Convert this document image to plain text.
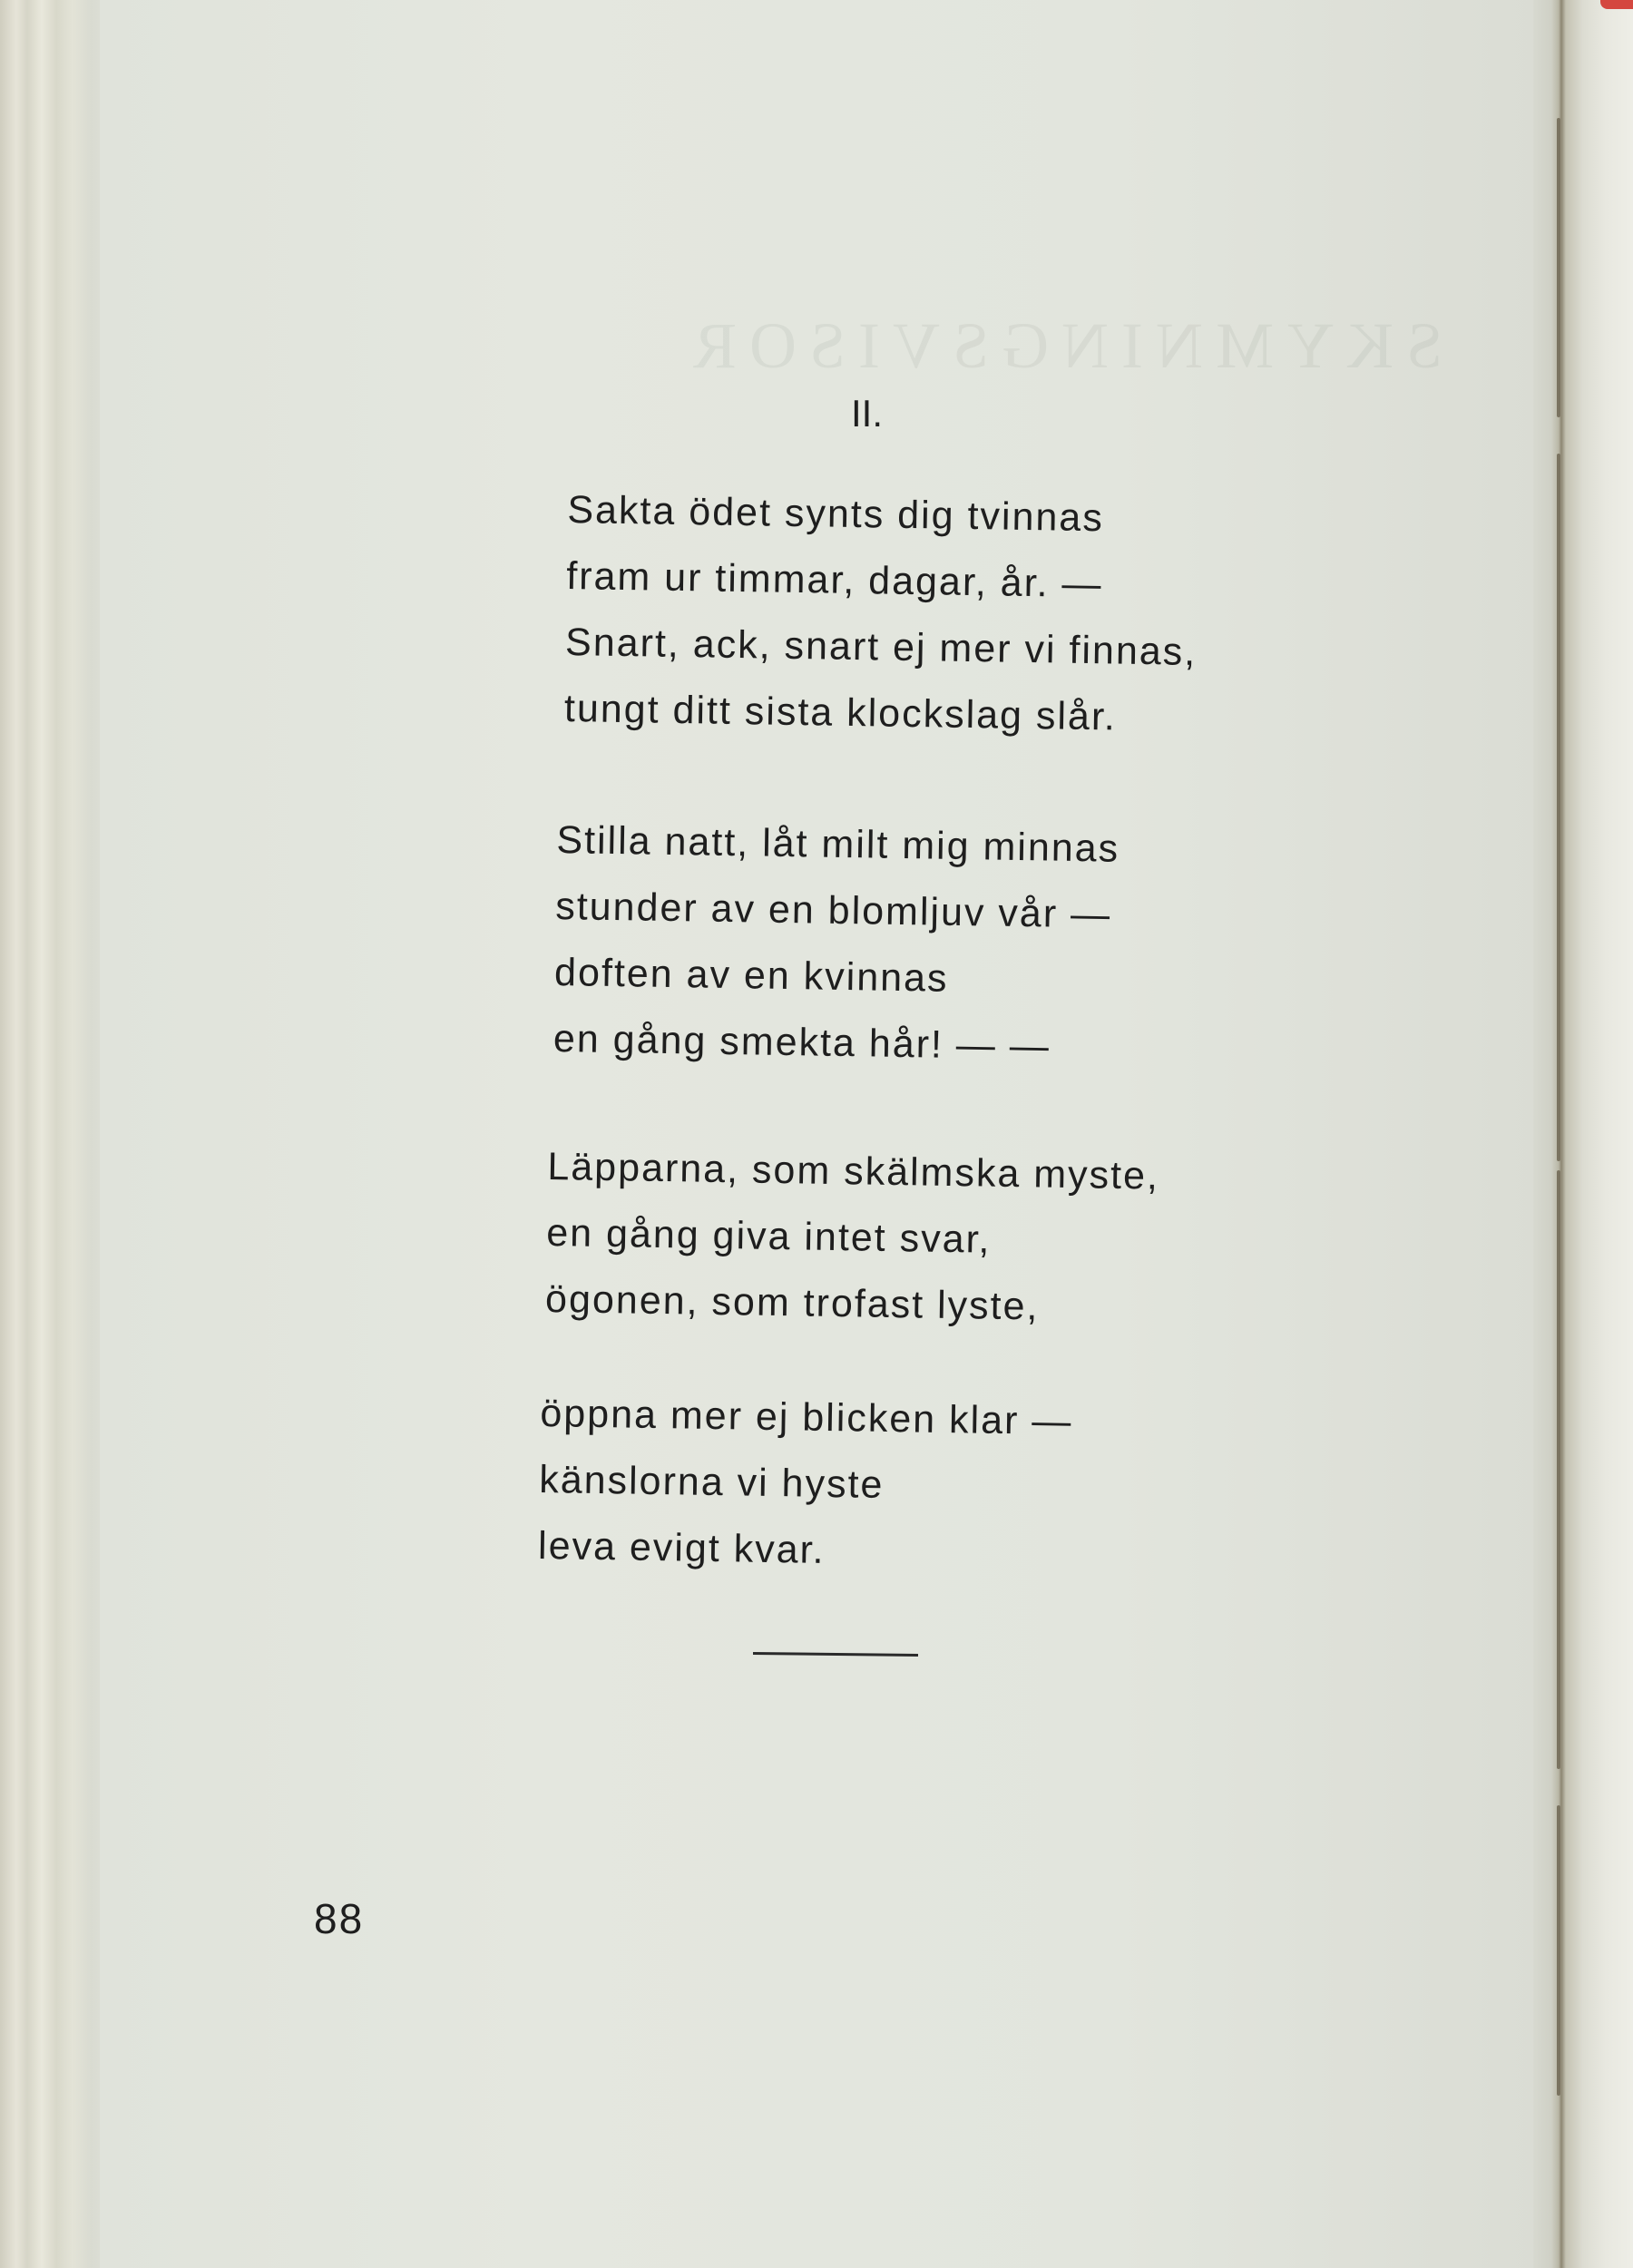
SKYMNINGSVISOR
II.
Sakta ödet synts dig tvinnas
fram ur timmar, dagar, år. —
Snart, ack, snart ej mer vi finnas,
tungt ditt sista klockslag slår.
Stilla natt, låt milt mig minnas
stunder av en blomljuv vår —
doften av en kvinnas
en gång smekta hår! — —
Läpparna, som skälmska myste,
en gång giva intet svar,
ögonen, som trofast lyste,
öppna mer ej blicken klar —
känslorna vi hyste
leva evigt kvar.

88
